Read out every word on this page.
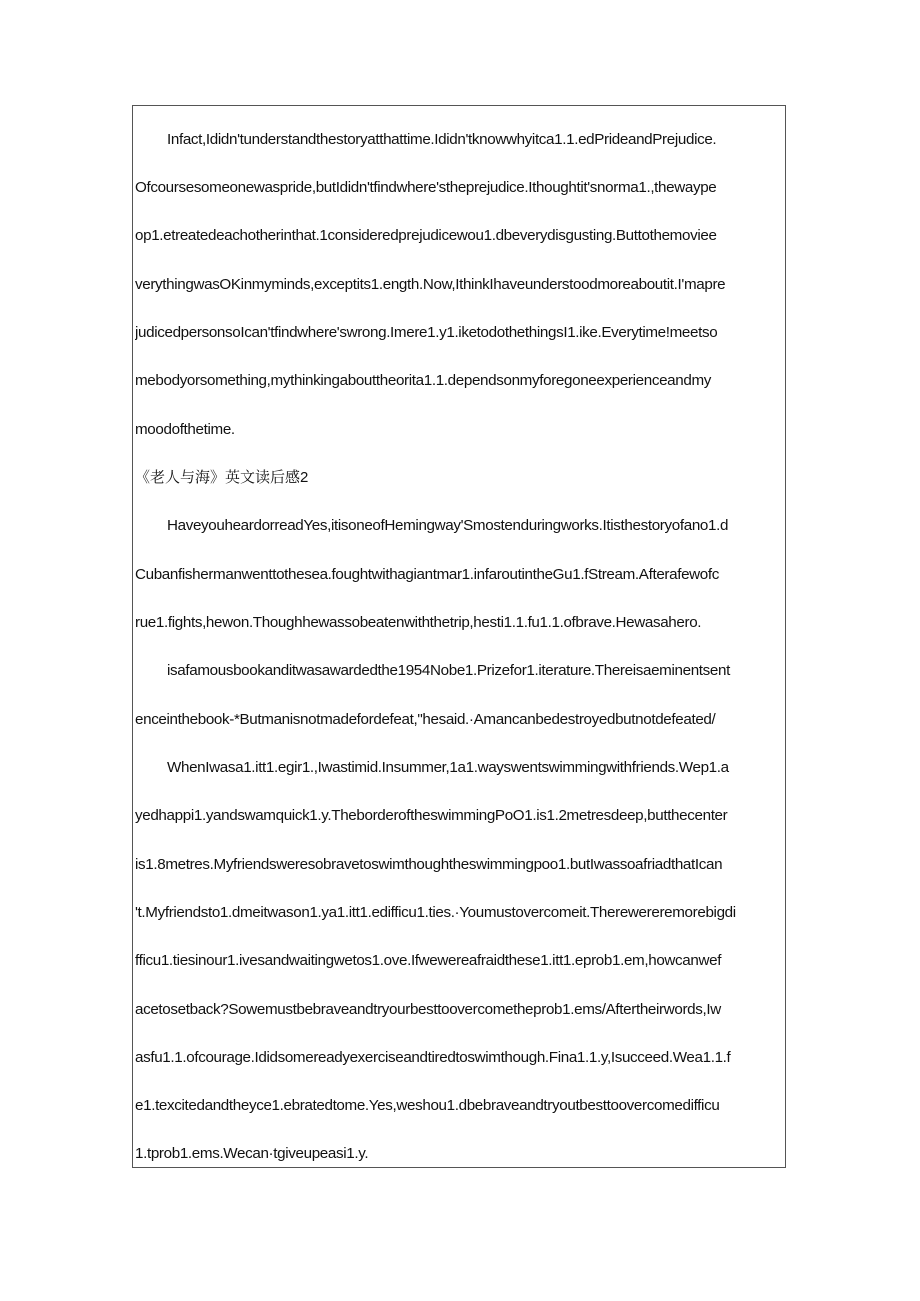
Infact,Ididn'tunderstandthestoryatthattime.Ididn'tknowwhyitca1.1.edPrideandPrejudice.
Ofcoursesomeonewaspride,butIdidn'tfindwhere'stheprejudice.Ithoughtit'snorma1.,thewaype
op1.etreatedeachotherinthat.1consideredprejudicewou1.dbeverydisgusting.Buttothemoviee
verythingwasOKinmyminds,exceptits1.ength.Now,IthinkIhaveunderstoodmoreaboutit.I'mapre
judicedpersonsoIcan'tfindwhere'swrong.Imere1.y1.iketodothethingsI1.ike.Everytime!meetso
mebodyorsomething,mythinkingabouttheorita1.1.dependsonmyforegoneexperienceandmy
moodofthetime.
《老人与海》英文读后感2
HaveyouheardorreadYes,itisoneofHemingway'Smostenduringworks.Itisthestoryofano1.d
Cubanfishermanwenttothesea.foughtwithagiantmar1.infaroutintheGu1.fStream.Afterafewofc
rue1.fights,hewon.Thoughhewassobeatenwiththetrip,hesti1.1.fu1.1.ofbrave.Hewasahero.
isafamousbookanditwasawardedthe1954Nobe1.Prizefor1.iterature.Thereisaeminentsent
enceinthebook-*Butmanisnotmadefordefeat,"hesaid.·Amancanbedestroyedbutnotdefeated/
WhenIwasa1.itt1.egir1.,Iwastimid.Insummer,1a1.wayswentswimmingwithfriends.Wep1.a
yedhappi1.yandswamquick1.y.TheborderoftheswimmingPoO1.is1.2metresdeep,butthecenter
is1.8metres.Myfriendsweresobravetoswimthoughtheswimmingpoo1.butIwassoafriadthatIcan
't.Myfriendsto1.dmeitwason1.ya1.itt1.edifficu1.ties.·Youmustovercomeit.Therewereremorebigdi
fficu1.tiesinour1.ivesandwaitingwetos1.ove.Ifwewereafraidthese1.itt1.eprob1.em,howcanwef
acetosetback?Sowemustbebraveandtryourbesttoovercometheprob1.ems/Aftertheirwords,Iw
asfu1.1.ofcourage.Ididsomereadyexerciseandtiredtoswimthough.Fina1.1.y,Isucceed.Wea1.1.f
e1.texcitedandtheyce1.ebratedtome.Yes,weshou1.dbebraveandtryoutbesttoovercomedifficu
1.tprob1.ems.Wecan·tgiveupeasi1.y.
